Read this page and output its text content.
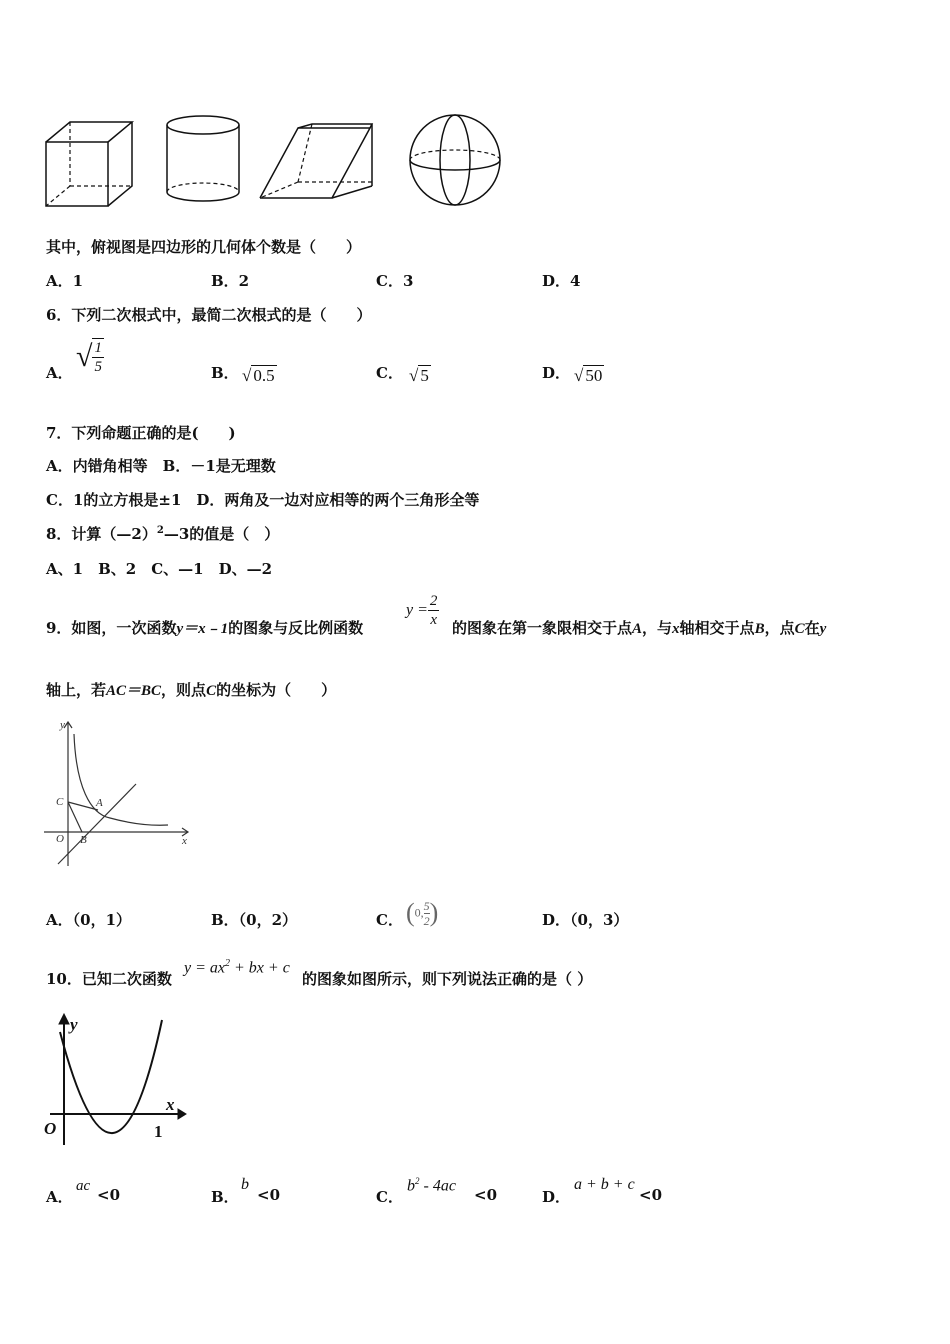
其中，俯视图是四边形的几何体个数是（　　）
A．1	B．2	C．3	D．4
6．下列二次根式中，最简二次根式的是（　　）
A． √ $\frac{1}{5}$	B． √ 0.5	C． √ 5	D． √ 50
7．下列命题正确的是(　　)
A．内错角相等　B．－1是无理数
C．1的立方根是±1　D．两角及一边对应相等的两个三角形全等
8．计算（—2）$^2$—3的值是（　）
A、1　B、2　C、—1　D、—2
9．如图，一次函数y＝x﹣1的图象与反比例函数
$y = \frac{2}{x}$ 的图象在第一象限相交于点A，与x轴相交于点B，点C在y
轴上，若AC＝BC，则点C的坐标为（　　）
y
x
C	A
O B
A．（0，1）	B．（0，2）	C． (0, $\frac{5}{2}$ )	D．（0，3）
10．已知二次函数
$y = ax^2$ + bx + c
的图象如图所示，则下列说法正确的是（ ）
y
x
O	1
A．
ac <0	B．
b
<0	C．
$b^2 - 4ac$
<0	D．
a + b + c
<0
